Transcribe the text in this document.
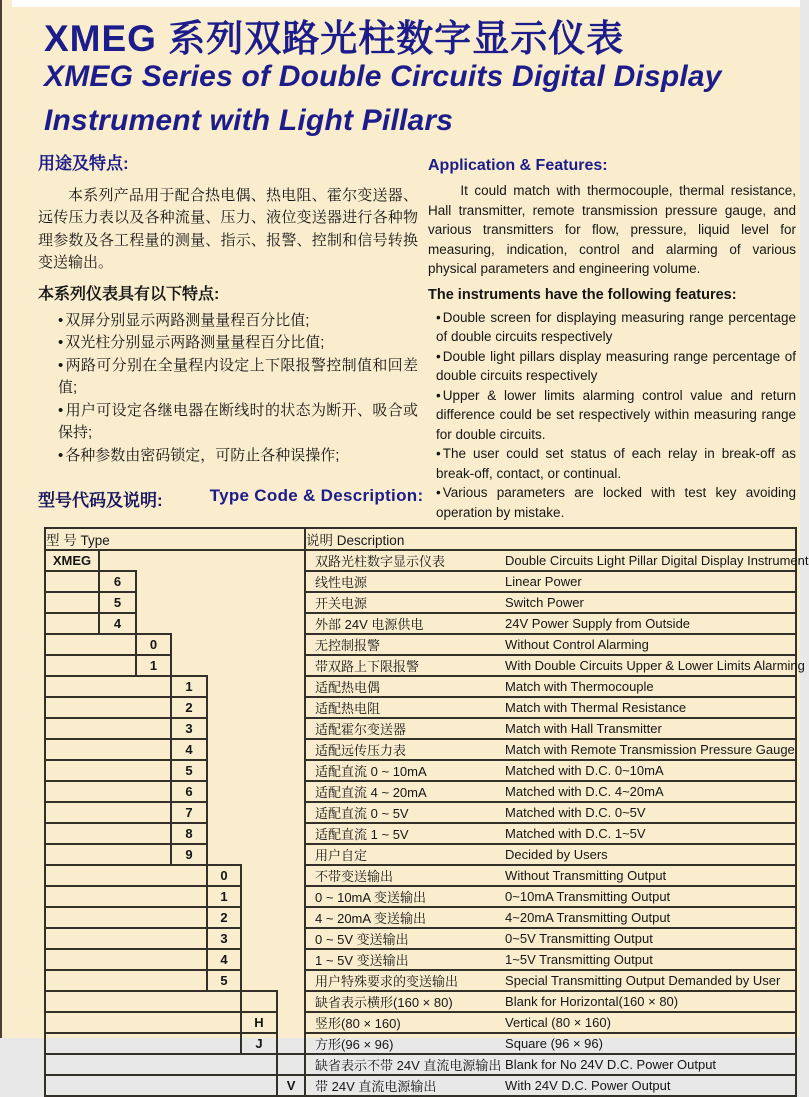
XMEG 系列双路光柱数字显示仪表
XMEG Series of Double Circuits Digital Display
Instrument with Light Pillars
用途及特点:
本系列产品用于配合热电偶、热电阻、霍尔变送器、远传压力表以及各种流量、压力、液位变送器进行各种物理参数及各工程量的测量、指示、报警、控制和信号转换变送输出。
本系列仪表具有以下特点:
• 双屏分别显示两路测量量程百分比值;
• 双光柱分别显示两路测量量程百分比值;
• 两路可分别在全量程内设定上下限报警控制值和回差值;
• 用户可设定各继电器在断线时的状态为断开、吸合或保持;
• 各种参数由密码锁定，可防止各种误操作;
Application & Features:
It could match with thermocouple, thermal resistance, Hall transmitter, remote transmission pressure gauge, and various transmitters for flow, pressure, liquid level for measuring, indication, control and alarming of various physical parameters and engineering volume.
The instruments have the following features:
• Double screen for displaying measuring range percentage of double circuits respectively
• Double light pillars display measuring range percentage of double circuits respectively
• Upper & lower limits alarming control value and return difference could be set respectively within measuring range for double circuits.
• The user could set status of each relay in break-off as break-off, contact, or continual.
• Various parameters are locked with test key avoiding operation by mistake.
型号代码及说明:	Type Code & Description:
型 号 Type							说明 Description	
XMEG							双路光柱数字显示仪表	Double Circuits Light Pillar Digital Display Instrument
	6						线性电源	Linear Power
	5						开关电源	Switch Power
	4						外部 24V 电源供电	24V Power Supply from Outside
		0					无控制报警	Without Control Alarming
		1					带双路上下限报警	With Double Circuits Upper & Lower Limits Alarming
			1				适配热电偶	Match with Thermocouple
			2				适配热电阻	Match with Thermal Resistance
			3				适配霍尔变送器	Match with Hall Transmitter
			4				适配远传压力表	Match with Remote Transmission Pressure Gauge
			5				适配直流 0 ~ 10mA	Matched with D.C. 0~10mA
			6				适配直流 4 ~ 20mA	Matched with D.C. 4~20mA
			7				适配直流 0 ~ 5V	Matched with D.C. 0~5V
			8				适配直流 1 ~ 5V	Matched with D.C. 1~5V
			9				用户自定	Decided by Users
				0			不带变送输出	Without Transmitting Output
				1			0 ~ 10mA 变送输出	0~10mA Transmitting Output
				2			4 ~ 20mA 变送输出	4~20mA Transmitting Output
				3			0 ~ 5V 变送输出	0~5V Transmitting Output
				4			1 ~ 5V 变送输出	1~5V Transmitting Output
				5			用户特殊要求的变送输出	Special Transmitting Output Demanded by User
							缺省表示横形(160 × 80)	Blank for Horizontal(160 × 80)
					H		竖形(80 × 160)	Vertical (80 × 160)
					J		方形(96 × 96)	Square (96 × 96)
							缺省表示不带 24V 直流电源输出	Blank for No 24V D.C. Power Output
						V	带 24V 直流电源输出	With 24V D.C. Power Output
